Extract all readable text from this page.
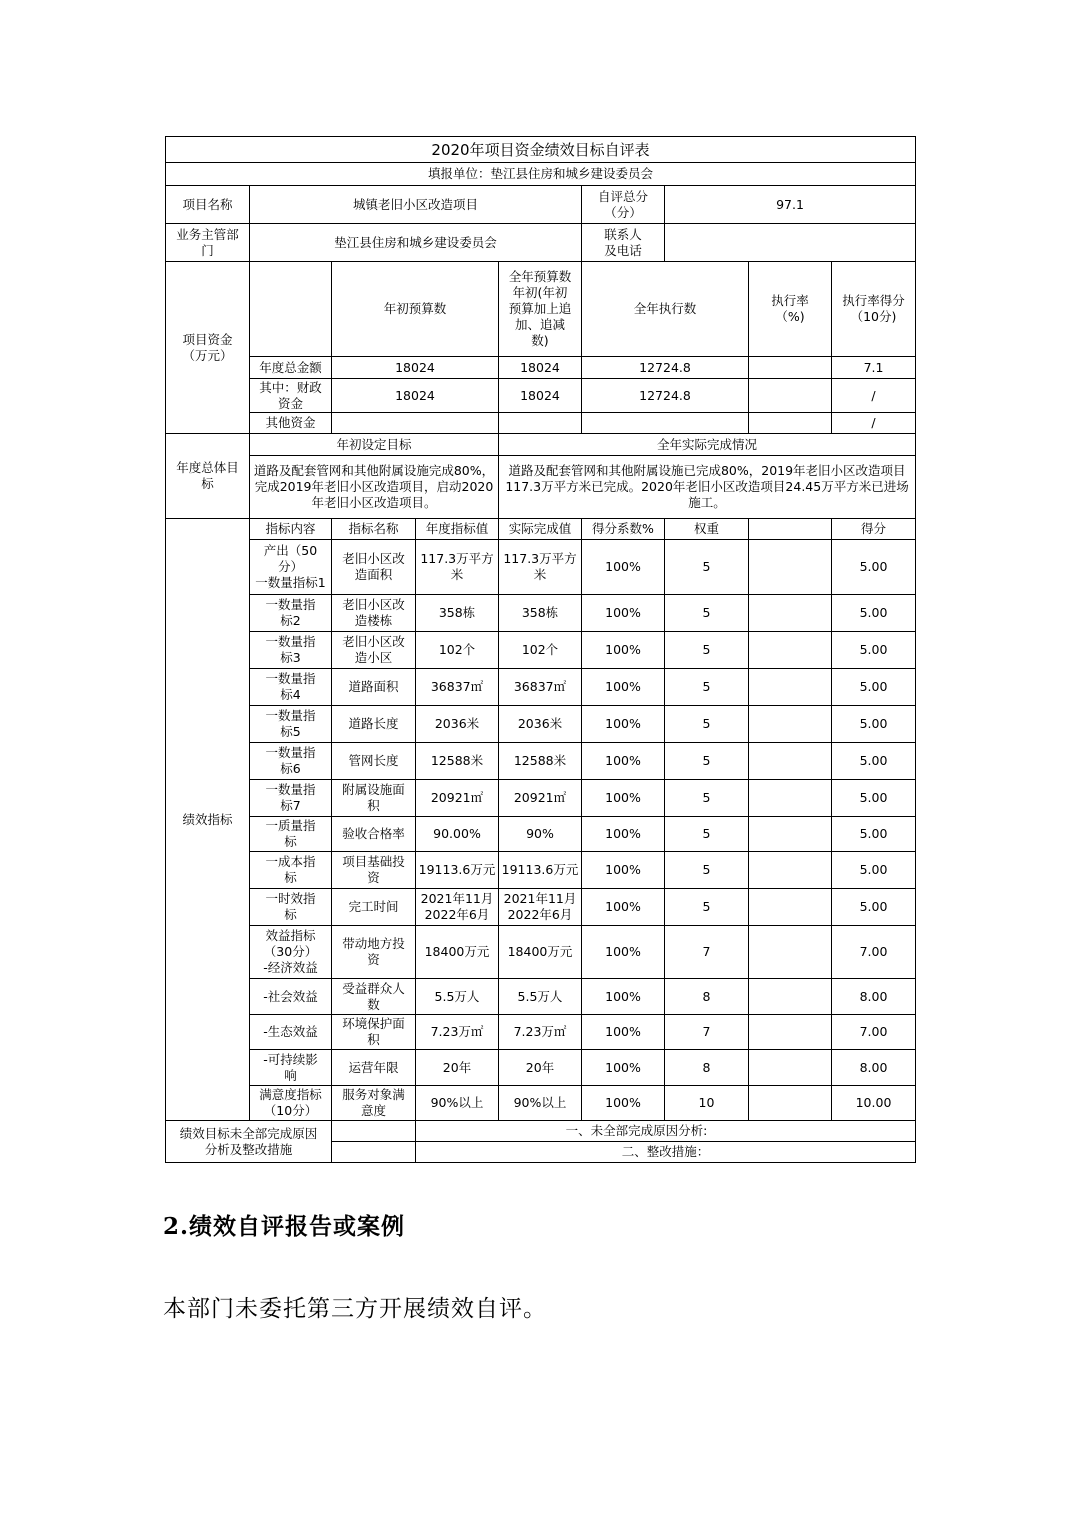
2020年项目资金绩效目标自评表								
填报单位：垫江县住房和城乡建设委员会								
项目名称	城镇老旧小区改造项目				自评总分
（分）	97.1		
业务主管部
门	垫江县住房和城乡建设委员会				联系人
及电话			
项目资金
（万元）		年初预算数		全年预算数
年初(年初
预算加上追
加、追减
数)	全年执行数		执行率
（%)	执行率得分
（10分)
	年度总金额	18024		18024	12724.8			7.1
	其中：财政
资金	18024		18024	12724.8			/
	其他资金							/
年度总体目
标	年初设定目标			全年实际完成情况				
	道路及配套管网和其他附属设施完成80%，完成2019年老旧小区改造项目，启动2020年老旧小区改造项目。			道路及配套管网和其他附属设施已完成80%，2019年老旧小区改造项目117.3万平方米已完成。2020年老旧小区改造项目24.45万平方米已进场施工。				
绩效指标	指标内容	指标名称	年度指标值	实际完成值	得分系数%	权重		得分
	产出（50
分）
一数量指标1	老旧小区改
造面积	117.3万平方
米	117.3万平方
米	100%	5		5.00
	一数量指
标2	老旧小区改
造楼栋	358栋	358栋	100%	5		5.00
	一数量指
标3	老旧小区改
造小区	102个	102个	100%	5		5.00
	一数量指
标4	道路面积	36837㎡	36837㎡	100%	5		5.00
	一数量指
标5	道路长度	2036米	2036米	100%	5		5.00
	一数量指
标6	管网长度	12588米	12588米	100%	5		5.00
	一数量指
标7	附属设施面
积	20921㎡	20921㎡	100%	5		5.00
	一质量指
标	验收合格率	90.00%	90%	100%	5		5.00
	一成本指
标	项目基础投
资	19113.6万元	19113.6万元	100%	5		5.00
	一时效指
标	完工时间	2021年11月
2022年6月	2021年11月
2022年6月	100%	5		5.00
	效益指标
（30分）
-经济效益	带动地方投
资	18400万元	18400万元	100%	7		7.00
	-社会效益	受益群众人
数	5.5万人	5.5万人	100%	8		8.00
	-生态效益	环境保护面
积	7.23万㎡	7.23万㎡	100%	7		7.00
	-可持续影
响	运营年限	20年	20年	100%	8		8.00
	满意度指标
（10分）	服务对象满
意度	90%以上	90%以上	100%	10		10.00
绩效目标未全部完成原因
分析及整改措施			一、未全部完成原因分析:					
			二、整改措施：					
2.绩效自评报告或案例
本部门未委托第三方开展绩效自评。
